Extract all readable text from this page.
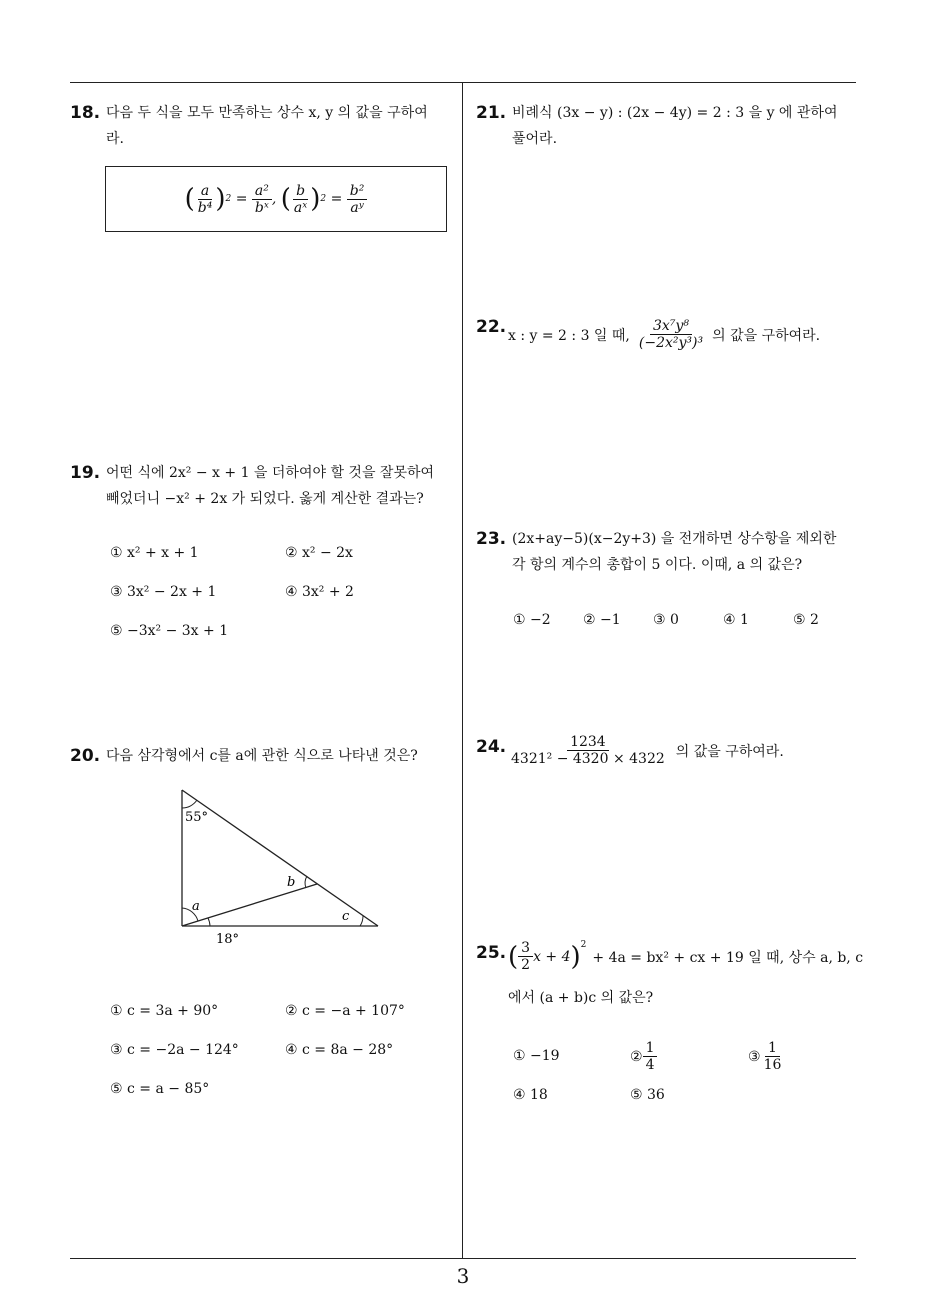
18. 다음 두 식을 모두 만족하는 상수 x, y 의 값을 구하여
라.
( $\frac{a}{\text{b⁴}}$ ) $2 = \frac{\text{a²}}{\text{bˣ}}$ , ( $\frac{b}{\text{aˣ}}$ ) $2 = \frac{\text{b²}}{\text{aʸ}}$
19. 어떤 식에 2x² − x + 1 을 더하여야 할 것을 잘못하여
빼었더니 −x² + 2x 가 되었다. 옳게 계산한 결과는?
① x² + x + 1	② x² − 2x
③ 3x² − 2x + 1	④ 3x² + 2
⑤ −3x² − 3x + 1
20. 다음 삼각형에서 c를 a에 관한 식으로 나타낸 것은?
55°
b
a
c
18°
① c = 3a + 90°	② c = −a + 107°
③ c = −2a − 124°	④ c = 8a − 28°
⑤ c = a − 85°
21. 비례식 (3x − y) : (2x − 4y) = 2 : 3 을 y 에 관하여
풀어라.
22. x : y = 2 : 3 일 때, $\frac{\text{3x⁷y⁸}}{\text{(−2x²y³)³}}$ 의 값을 구하여라.
23. (2x+ay−5)(x−2y+3) 을 전개하면 상수항을 제외한
각 항의 계수의 총합이 5 이다. 이때, a 의 값은?
① −2 ② −1 ③ 0	④ 1	⑤ 2
24. $\frac{1234}{\text{4321² − 4320 × 4322}}$ 의 값을 구하여라.
25. ( $\frac{3}{2}$ x + 4 )$^2$
+ 4a = bx² + cx + 19 일 때, 상수 a, b, c
에서 (a + b)c 의 값은?
① −19	② $\frac{1}{4}$	③ $\frac{1}{16}$
④ 18	⑤ 36
3
